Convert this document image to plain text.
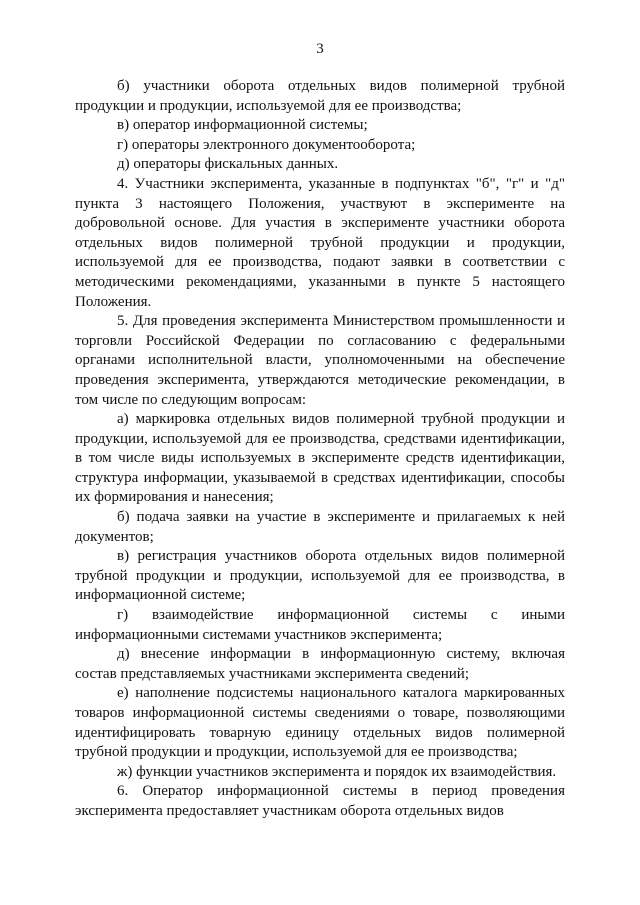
3

б) участники оборота отдельных видов полимерной трубной продукции и продукции, используемой для ее производства;

в) оператор информационной системы;

г) операторы электронного документооборота;

д) операторы фискальных данных.

4. Участники эксперимента, указанные в подпунктах "б", "г" и "д" пункта 3 настоящего Положения, участвуют в эксперименте на добровольной основе. Для участия в эксперименте участники оборота отдельных видов полимерной трубной продукции и продукции, используемой для ее производства, подают заявки в соответствии с методическими рекомендациями, указанными в пункте 5 настоящего Положения.

5. Для проведения эксперимента Министерством промышленности и торговли Российской Федерации по согласованию с федеральными органами исполнительной власти, уполномоченными на обеспечение проведения эксперимента, утверждаются методические рекомендации, в том числе по следующим вопросам:

а) маркировка отдельных видов полимерной трубной продукции и продукции, используемой для ее производства, средствами идентификации, в том числе виды используемых в эксперименте средств идентификации, структура информации, указываемой в средствах идентификации, способы их формирования и нанесения;

б) подача заявки на участие в эксперименте и прилагаемых к ней документов;

в) регистрация участников оборота отдельных видов полимерной трубной продукции и продукции, используемой для ее производства, в информационной системе;

г) взаимодействие информационной системы с иными информационными системами участников эксперимента;

д) внесение информации в информационную систему, включая состав представляемых участниками эксперимента сведений;

е) наполнение подсистемы национального каталога маркированных товаров информационной системы сведениями о товаре, позволяющими идентифицировать товарную единицу отдельных видов полимерной трубной продукции и продукции, используемой для ее производства;

ж) функции участников эксперимента и порядок их взаимодействия.

6. Оператор информационной системы в период проведения эксперимента предоставляет участникам оборота отдельных видов
